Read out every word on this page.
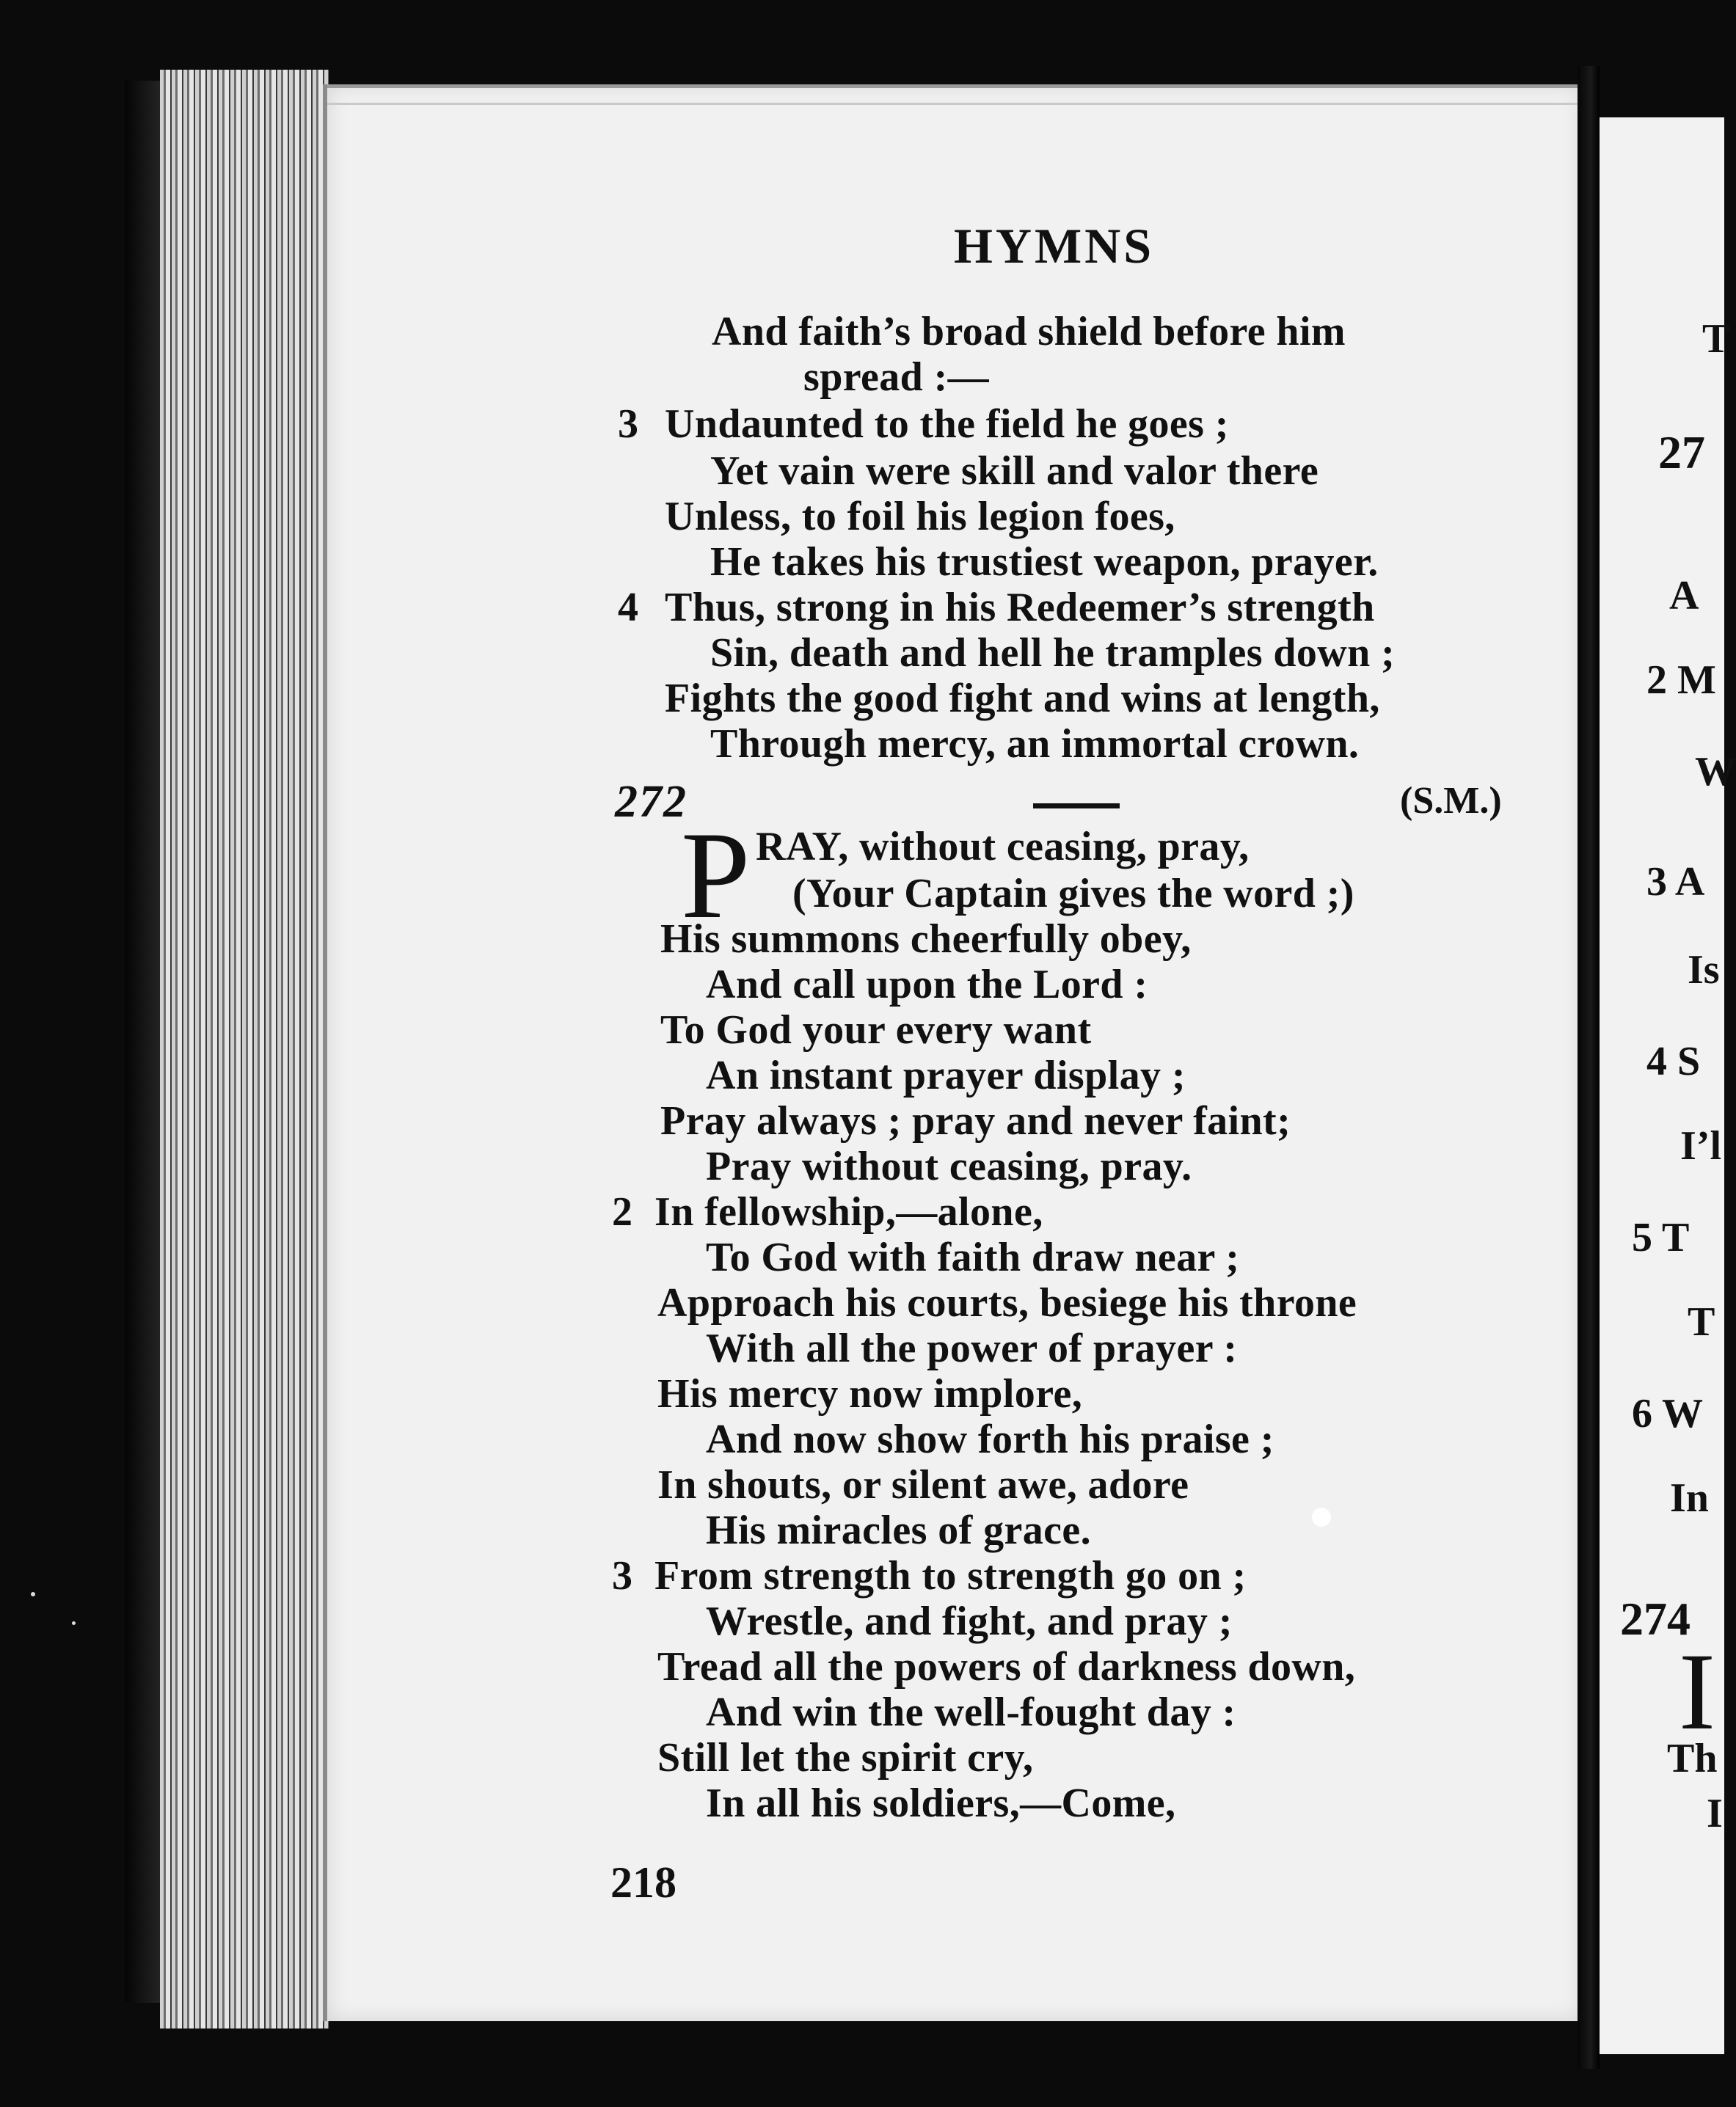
T
27
A
2 M
W
3 A
Is
4 S
I’l
5 T
T
6 W
In
274
I
Th
I
HYMNS
And faith’s broad shield before him
spread :—
3 Undaunted to the field he goes ;
Yet vain were skill and valor there
Unless, to foil his legion foes,
He takes his trustiest weapon, prayer.
4 Thus, strong in his Redeemer’s strength
Sin, death and hell he tramples down ;
Fights the good fight and wins at length,
Through mercy, an immortal crown.
272	(S.M.)
P RAY, without ceasing, pray,
(Your Captain gives the word ;)
His summons cheerfully obey,
And call upon the Lord :
To God your every want
An instant prayer display ;
Pray always ; pray and never faint;
Pray without ceasing, pray.
2 In fellowship,—alone,
To God with faith draw near ;
Approach his courts, besiege his throne
With all the power of prayer :
His mercy now implore,
And now show forth his praise ;
In shouts, or silent awe, adore
His miracles of grace.
3 From strength to strength go on ;
Wrestle, and fight, and pray ;
Tread all the powers of darkness down,
And win the well-fought day :
Still let the spirit cry,
In all his soldiers,—Come,
218
